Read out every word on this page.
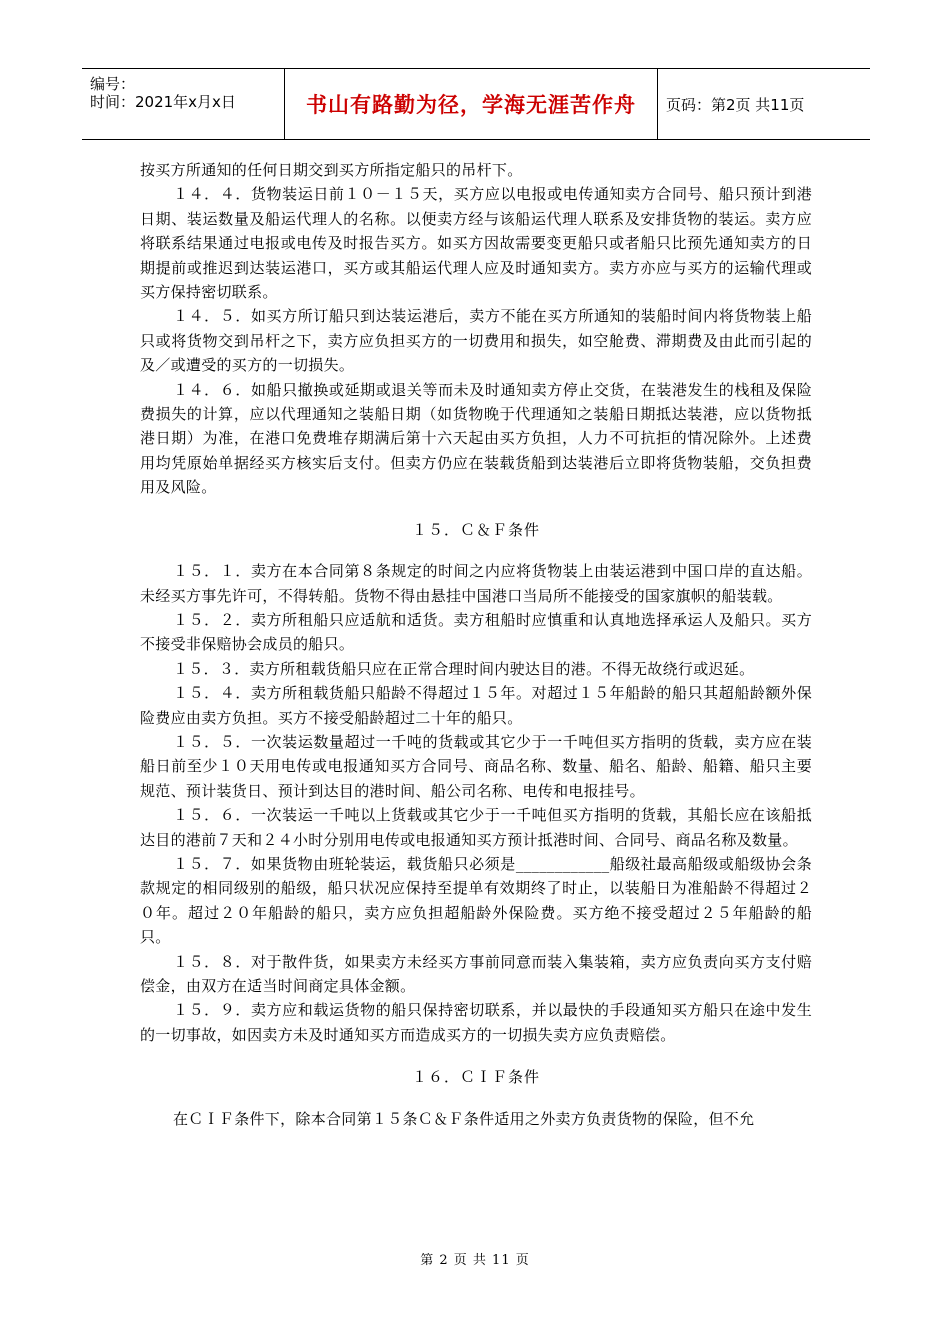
编号：
时间：2021年x月x日	书山有路勤为径，学海无涯苦作舟	页码：第2页 共11页

按买方所通知的任何日期交到买方所指定船只的吊杆下。

１４．４．货物装运日前１０－１５天，买方应以电报或电传通知卖方合同号、船只预计到港日期、装运数量及船运代理人的名称。以便卖方经与该船运代理人联系及安排货物的装运。卖方应将联系结果通过电报或电传及时报告买方。如买方因故需要变更船只或者船只比预先通知卖方的日期提前或推迟到达装运港口，买方或其船运代理人应及时通知卖方。卖方亦应与买方的运输代理或买方保持密切联系。

１４．５．如买方所订船只到达装运港后，卖方不能在买方所通知的装船时间内将货物装上船只或将货物交到吊杆之下，卖方应负担买方的一切费用和损失，如空舱费、滞期费及由此而引起的及／或遭受的买方的一切损失。

１４．６．如船只撤换或延期或退关等而未及时通知卖方停止交货，在装港发生的栈租及保险费损失的计算，应以代理通知之装船日期（如货物晚于代理通知之装船日期抵达装港，应以货物抵港日期）为准，在港口免费堆存期满后第十六天起由买方负担，人力不可抗拒的情况除外。上述费用均凭原始单据经买方核实后支付。但卖方仍应在装载货船到达装港后立即将货物装船，交负担费用及风险。

１５．Ｃ＆Ｆ条件

１５．１．卖方在本合同第８条规定的时间之内应将货物装上由装运港到中国口岸的直达船。未经买方事先许可，不得转船。货物不得由悬挂中国港口当局所不能接受的国家旗帜的船装载。

１５．２．卖方所租船只应适航和适货。卖方租船时应慎重和认真地选择承运人及船只。买方不接受非保赔协会成员的船只。

１５．３．卖方所租载货船只应在正常合理时间内驶达目的港。不得无故绕行或迟延。

１５．４．卖方所租载货船只船龄不得超过１５年。对超过１５年船龄的船只其超船龄额外保险费应由卖方负担。买方不接受船龄超过二十年的船只。

１５．５．一次装运数量超过一千吨的货载或其它少于一千吨但买方指明的货载，卖方应在装船日前至少１０天用电传或电报通知买方合同号、商品名称、数量、船名、船龄、船籍、船只主要规范、预计装货日、预计到达目的港时间、船公司名称、电传和电报挂号。

１５．６．一次装运一千吨以上货载或其它少于一千吨但买方指明的货载，其船长应在该船抵达目的港前７天和２４小时分别用电传或电报通知买方预计抵港时间、合同号、商品名称及数量。

１５．７．如果货物由班轮装运，载货船只必须是____________船级社最高船级或船级协会条款规定的相同级别的船级，船只状况应保持至提单有效期终了时止，以装船日为准船龄不得超过２０年。超过２０年船龄的船只，卖方应负担超船龄外保险费。买方绝不接受超过２５年船龄的船只。

１５．８．对于散件货，如果卖方未经买方事前同意而装入集装箱，卖方应负责向买方支付赔偿金，由双方在适当时间商定具体金额。

１５．９．卖方应和载运货物的船只保持密切联系，并以最快的手段通知买方船只在途中发生的一切事故，如因卖方未及时通知买方而造成买方的一切损失卖方应负责赔偿。

１６．ＣＩＦ条件

在ＣＩＦ条件下，除本合同第１５条Ｃ＆Ｆ条件适用之外卖方负责货物的保险，但不允

第 2 页 共 11 页
